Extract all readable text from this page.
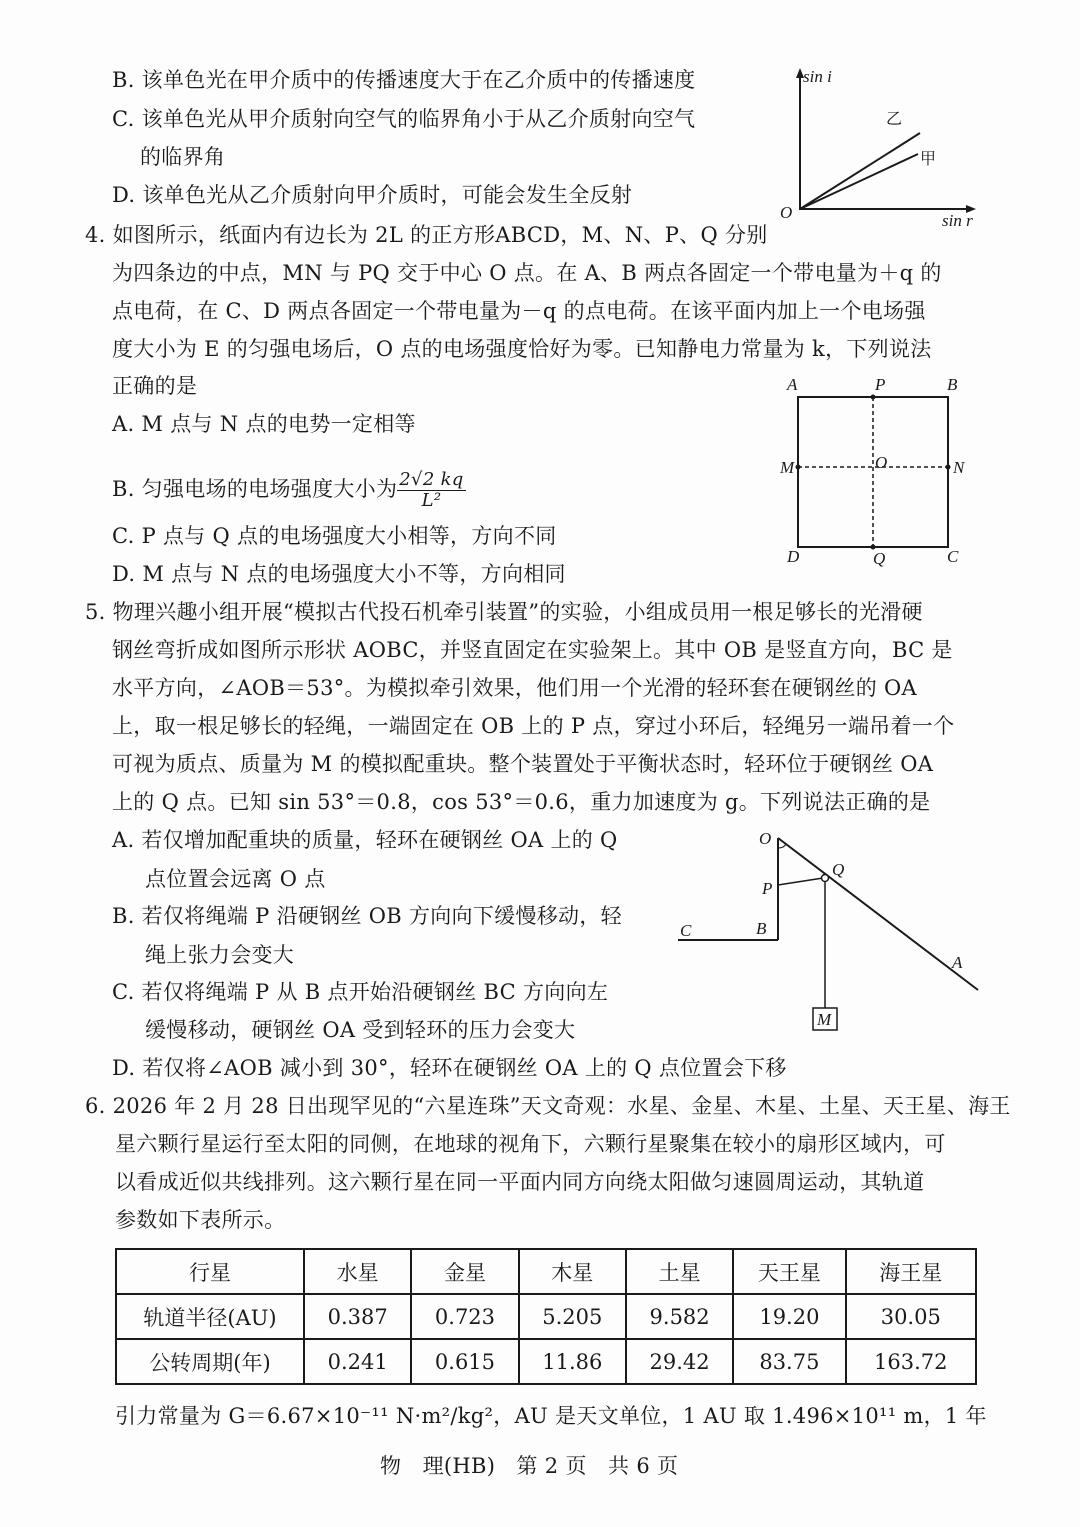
B. 该单色光在甲介质中的传播速度大于在乙介质中的传播速度
C. 该单色光从甲介质射向空气的临界角小于从乙介质射向空气
的临界角
D. 该单色光从乙介质射向甲介质时，可能会发生全反射
sin i
sin r
O
乙
甲
4. 如图所示，纸面内有边长为 2L 的正方形ABCD，M、N、P、Q 分别
为四条边的中点，MN 与 PQ 交于中心 O 点。在 A、B 两点各固定一个带电量为＋q 的
点电荷，在 C、D 两点各固定一个带电量为－q 的点电荷。在该平面内加上一个电场强
度大小为 E 的匀强电场后，O 点的电场强度恰好为零。已知静电力常量为 k，下列说法
正确的是
A. M 点与 N 点的电势一定相等
B. 匀强电场的电场强度大小为 $\frac{2√2 kq}{\text{L²}}$
C. P 点与 Q 点的电场强度大小相等，方向不同
D. M 点与 N 点的电场强度大小不等，方向相同
A	P	B
M	O	N
D	Q	C
5. 物理兴趣小组开展“模拟古代投石机牵引装置”的实验，小组成员用一根足够长的光滑硬
钢丝弯折成如图所示形状 AOBC，并竖直固定在实验架上。其中 OB 是竖直方向，BC 是
水平方向，∠AOB＝53°。为模拟牵引效果，他们用一个光滑的轻环套在硬钢丝的 OA
上，取一根足够长的轻绳，一端固定在 OB 上的 P 点，穿过小环后，轻绳另一端吊着一个
可视为质点、质量为 M 的模拟配重块。整个装置处于平衡状态时，轻环位于硬钢丝 OA
上的 Q 点。已知 sin 53°＝0.8，cos 53°＝0.6，重力加速度为 g。下列说法正确的是
A. 若仅增加配重块的质量，轻环在硬钢丝 OA 上的 Q
点位置会远离 O 点
B. 若仅将绳端 P 沿硬钢丝 OB 方向向下缓慢移动，轻
绳上张力会变大
C. 若仅将绳端 P 从 B 点开始沿硬钢丝 BC 方向向左
缓慢移动，硬钢丝 OA 受到轻环的压力会变大
D. 若仅将∠AOB 减小到 30°，轻环在硬钢丝 OA 上的 Q 点位置会下移
O
P
Q
B
C
A
M
6. 2026 年 2 月 28 日出现罕见的“六星连珠”天文奇观：水星、金星、木星、土星、天王星、海王
星六颗行星运行至太阳的同侧，在地球的视角下，六颗行星聚集在较小的扇形区域内，可
以看成近似共线排列。这六颗行星在同一平面内同方向绕太阳做匀速圆周运动，其轨道
参数如下表所示。
行星	水星	金星	木星	土星	天王星	海王星
轨道半径(AU)	0.387	0.723	5.205	9.582	19.20	30.05
公转周期(年)	0.241	0.615	11.86	29.42	83.75	163.72
引力常量为 G＝6.67×10⁻¹¹ N·m²/kg²，AU 是天文单位，1 AU 取 1.496×10¹¹ m，1 年
物　理(HB)　第 2 页　共 6 页
